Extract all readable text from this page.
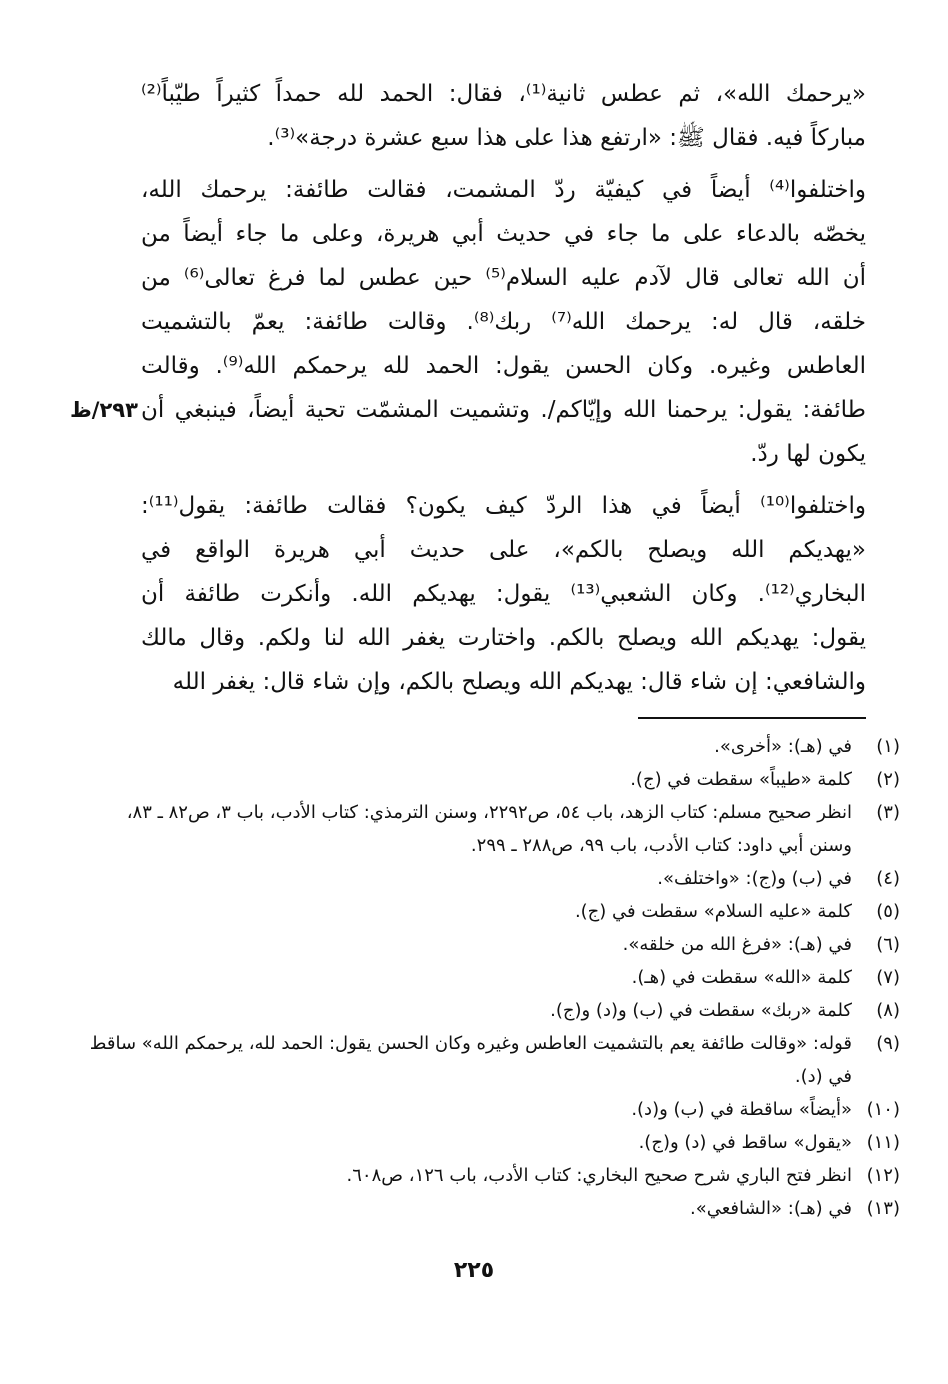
«يرحمك الله»، ثم عطس ثانية⁽¹⁾، فقال: الحمد لله حمداً كثيراً طيّباً⁽²⁾
مباركاً فيه. فقال ﷺ: «ارتفع هذا على هذا سبع عشرة درجة»⁽³⁾.

واختلفوا⁽⁴⁾ أيضاً في كيفيّة ردّ المشمت، فقالت طائفة: يرحمك الله،
يخصّه بالدعاء على ما جاء في حديث أبي هريرة، وعلى ما جاء أيضاً من
أن الله تعالى قال لآدم عليه السلام⁽⁵⁾ حين عطس لما فرغ تعالى⁽⁶⁾ من
خلقه، قال له: يرحمك الله⁽⁷⁾ ربك⁽⁸⁾. وقالت طائفة: يعمّ بالتشميت
العاطس وغيره. وكان الحسن يقول: الحمد لله يرحمكم الله⁽⁹⁾. وقالت
طائفة: يقول: يرحمنا الله وإيّاكم/. وتشميت المشمّت تحية أيضاً، فينبغي أن
يكون لها ردّ.

واختلفوا⁽¹⁰⁾ أيضاً في هذا الردّ كيف يكون؟ فقالت طائفة: يقول⁽¹¹⁾:
«يهديكم الله ويصلح بالكم»، على حديث أبي هريرة الواقع في
البخاري⁽¹²⁾. وكان الشعبي⁽¹³⁾ يقول: يهديكم الله. وأنكرت طائفة أن
يقول: يهديكم الله ويصلح بالكم. واختارت يغفر الله لنا ولكم. وقال مالك
والشافعي: إن شاء قال: يهديكم الله ويصلح بالكم، وإن شاء قال: يغفر الله

٢٩٣/ظ
(١)
في (هـ): «أخرى».
(٢)
كلمة «طيباً» سقطت في (ج).
(٣)
انظر صحيح مسلم: كتاب الزهد، باب ٥٤، ص٢٢٩٢، وسنن الترمذي: كتاب الأدب، باب ٣، ص٨٢ ـ ٨٣، وسنن أبي داود: كتاب الأدب، باب ٩٩، ص٢٨٨ ـ ٢٩٩.
(٤)
في (ب) و(ج): «واختلف».
(٥)
كلمة «عليه السلام» سقطت في (ج).
(٦)
في (هـ): «فرغ الله من خلقه».
(٧)
كلمة «الله» سقطت في (هـ).
(٨)
كلمة «ربك» سقطت في (ب) و(د) و(ج).
(٩)
قوله: «وقالت طائفة يعم بالتشميت العاطس وغيره وكان الحسن يقول: الحمد لله، يرحمكم الله» ساقط في (د).
(١٠)
«أيضاً» ساقطة في (ب) و(د).
(١١)
«يقول» ساقط في (د) و(ج).
(١٢)
انظر فتح الباري شرح صحيح البخاري: كتاب الأدب، باب ١٢٦، ص٦٠٨.
(١٣)
في (هـ): «الشافعي».
٢٢٥
